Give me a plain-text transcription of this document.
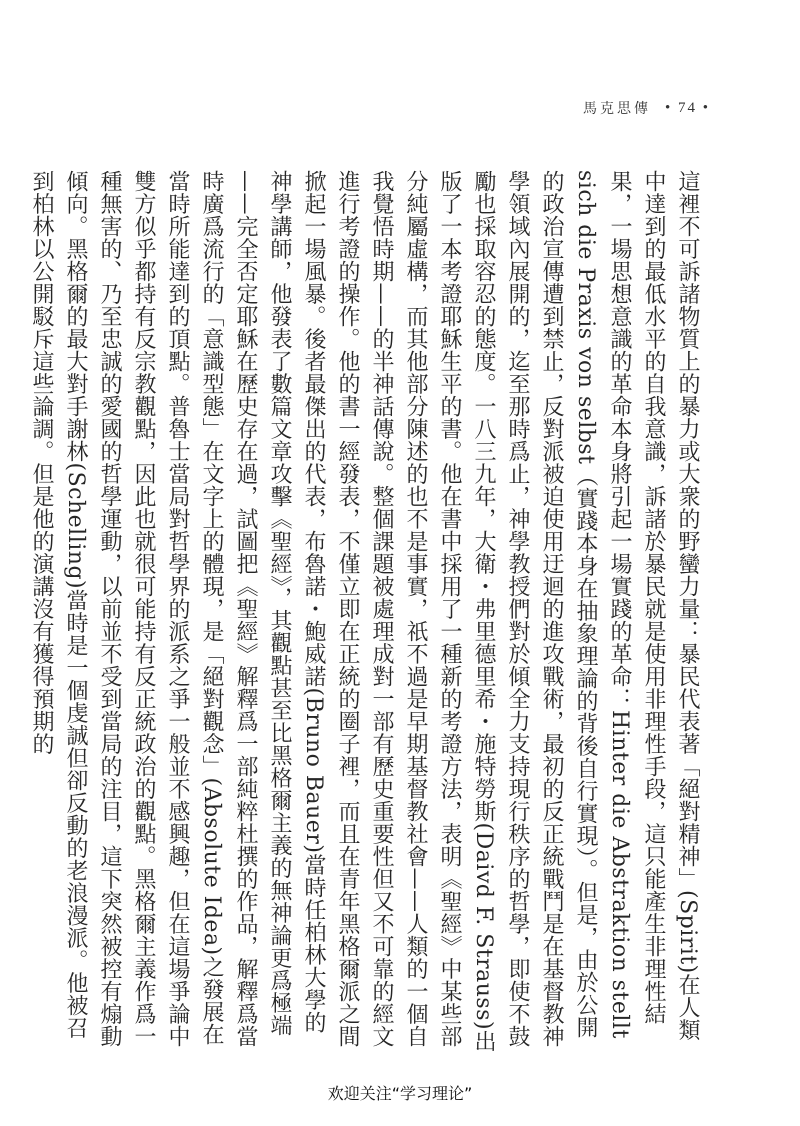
馬克思傳 • 74 •

這裡不可訴諸物質上的暴力或大衆的野蠻力量：暴民代表著「絕對精神」(Spirit)在人類中達到的最低水平的自我意識，訴諸於暴民就是使用非理性手段，這只能產生非理性結果，一場思想意識的革命本身將引起一場實踐的革命：Hinter die Abstraktion stellt sich die Praxis von selbst（實踐本身在抽象理論的背後自行實現）。但是，由於公開的政治宣傳遭到禁止，反對派被迫使用迂迴的進攻戰術，最初的反正統戰鬥是在基督教神學領域內展開的，迄至那時爲止，神學教授們對於傾全力支持現行秩序的哲學，即使不鼓勵也採取容忍的態度。一八三九年，大衛・弗里德里希・施特勞斯(Daivd F. Strauss)出版了一本考證耶穌生平的書。他在書中採用了一種新的考證方法，表明《聖經》中某些部分純屬虛構，而其他部分陳述的也不是事實，祇不過是早期基督教社會——人類的一個自我覺悟時期——的半神話傳說。整個課題被處理成對一部有歷史重要性但又不可靠的經文進行考證的操作。他的書一經發表，不僅立即在正統的圈子裡，而且在青年黑格爾派之間掀起一場風暴。後者最傑出的代表，布魯諾・鮑威諾(Bruno Bauer)當時任柏林大學的神學講師，他發表了數篇文章攻擊《聖經》，其觀點甚至比黑格爾主義的無神論更爲極端——完全否定耶穌在歷史存在過，試圖把《聖經》解釋爲一部純粹杜撰的作品，解釋爲當時廣爲流行的「意識型態」在文字上的體現，是「絕對觀念」(Absolute Idea)之發展在當時所能達到的頂點。普魯士當局對哲學界的派系之爭一般並不感興趣，但在這場爭論中雙方似乎都持有反宗教觀點，因此也就很可能持有反正統政治的觀點。黑格爾主義作爲一種無害的、乃至忠誠的愛國的哲學運動，以前並不受到當局的注目，這下突然被控有煽動傾向。黑格爾的最大對手謝林(Schelling)當時是一個虔誠但卻反動的老浪漫派。他被召到柏林以公開駁斥這些論調。但是他的演講沒有獲得預期的

欢迎关注“学习理论”
